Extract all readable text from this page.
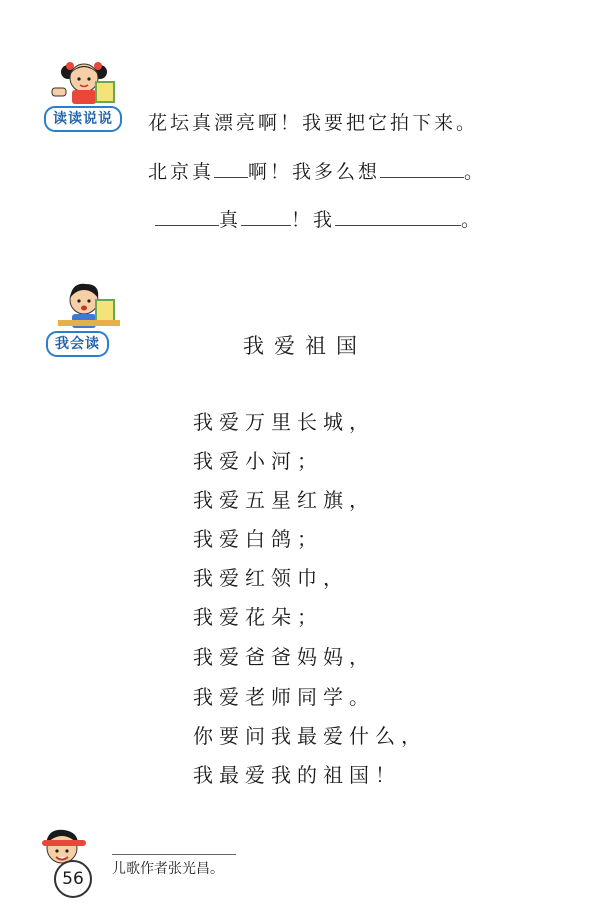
读读说说	花坛真漂亮啊！我要把它拍下来。
北京真 啊！我多么想	。
真	！我	。
我会读	我爱祖国
我爱万里长城，
我爱小河；
我爱五星红旗，
我爱白鸽；
我爱红领巾，
我爱花朵；
我爱爸爸妈妈，
我爱老师同学。
你要问我最爱什么，
我最爱我的祖国！
56	儿歌作者张光昌。
